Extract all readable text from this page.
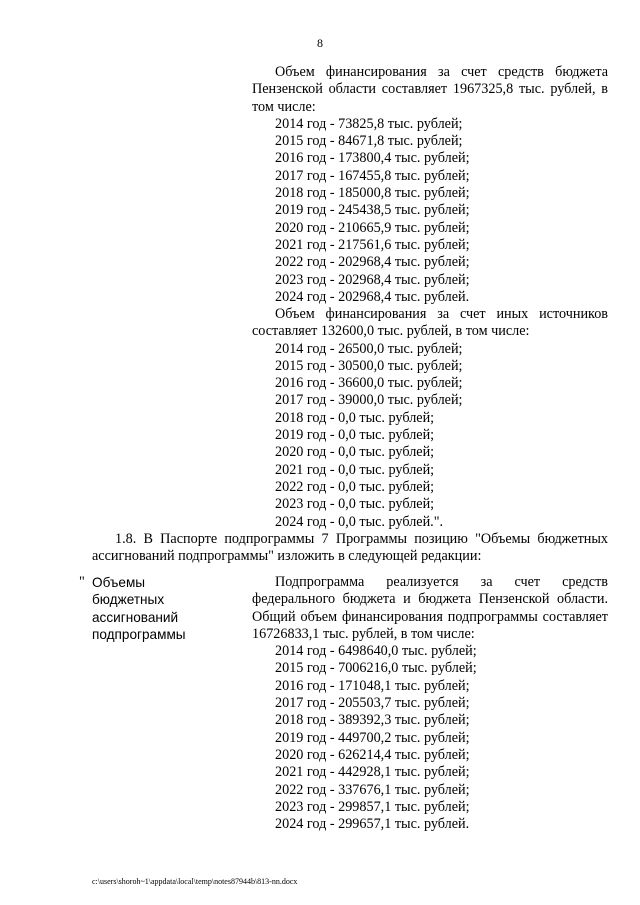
8
Объем финансирования за счет средств бюджета Пензенской области составляет 1967325,8 тыс. рублей, в том числе:
2014 год - 73825,8 тыс. рублей;
2015 год - 84671,8 тыс. рублей;
2016 год - 173800,4 тыс. рублей;
2017 год - 167455,8 тыс. рублей;
2018 год - 185000,8 тыс. рублей;
2019 год - 245438,5 тыс. рублей;
2020 год - 210665,9 тыс. рублей;
2021 год - 217561,6 тыс. рублей;
2022 год - 202968,4 тыс. рублей;
2023 год - 202968,4 тыс. рублей;
2024 год - 202968,4 тыс. рублей.
Объем финансирования за счет иных источников составляет 132600,0 тыс. рублей, в том числе:
2014 год - 26500,0 тыс. рублей;
2015 год - 30500,0 тыс. рублей;
2016 год - 36600,0 тыс. рублей;
2017 год - 39000,0 тыс. рублей;
2018 год - 0,0 тыс. рублей;
2019 год - 0,0 тыс. рублей;
2020 год - 0,0 тыс. рублей;
2021 год - 0,0 тыс. рублей;
2022 год - 0,0 тыс. рублей;
2023 год - 0,0 тыс. рублей;
2024 год - 0,0 тыс. рублей.".
1.8. В Паспорте подпрограммы 7 Программы позицию "Объемы бюджетных ассигнований подпрограммы" изложить в следующей редакции:
" Объемы
бюджетных
ассигнований
подпрограммы
Подпрограмма реализуется за счет средств федерального бюджета и бюджета Пензенской области. Общий объем финансирования подпрограммы составляет 16726833,1 тыс. рублей, в том числе:
2014 год - 6498640,0 тыс. рублей;
2015 год - 7006216,0 тыс. рублей;
2016 год - 171048,1 тыс. рублей;
2017 год - 205503,7 тыс. рублей;
2018 год - 389392,3 тыс. рублей;
2019 год - 449700,2 тыс. рублей;
2020 год - 626214,4 тыс. рублей;
2021 год - 442928,1 тыс. рублей;
2022 год - 337676,1 тыс. рублей;
2023 год - 299857,1 тыс. рублей;
2024 год - 299657,1 тыс. рублей.
c:\users\shoroh~1\appdata\local\temp\notes87944b\813-nn.docx
